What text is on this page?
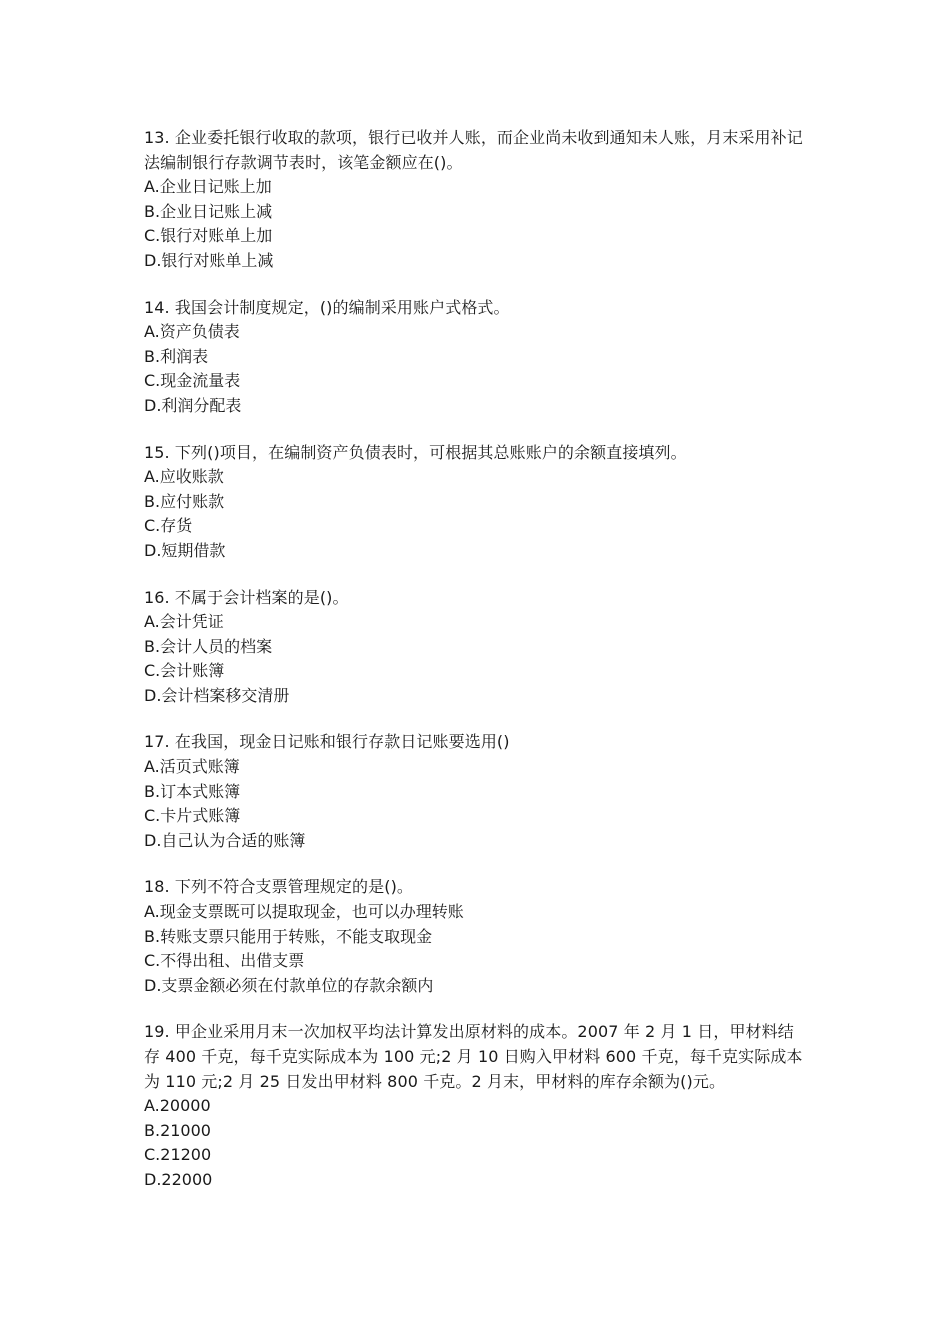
13. 企业委托银行收取的款项，银行已收并人账，而企业尚未收到通知未人账，月末采用补记法编制银行存款调节表时，该笔金额应在()。

A.企业日记账上加

B.企业日记账上减

C.银行对账单上加

D.银行对账单上减

14. 我国会计制度规定，()的编制采用账户式格式。

A.资产负债表

B.利润表

C.现金流量表

D.利润分配表

15. 下列()项目，在编制资产负债表时，可根据其总账账户的余额直接填列。

A.应收账款

B.应付账款

C.存货

D.短期借款

16. 不属于会计档案的是()。

A.会计凭证

B.会计人员的档案

C.会计账簿

D.会计档案移交清册

17. 在我国，现金日记账和银行存款日记账要选用()

A.活页式账簿

B.订本式账簿

C.卡片式账簿

D.自己认为合适的账簿

18. 下列不符合支票管理规定的是()。

A.现金支票既可以提取现金，也可以办理转账

B.转账支票只能用于转账，不能支取现金

C.不得出租、出借支票

D.支票金额必须在付款单位的存款余额内

19. 甲企业采用月末一次加权平均法计算发出原材料的成本。2007 年 2 月 1 日，甲材料结存 400 千克，每千克实际成本为 100 元;2 月 10 日购入甲材料 600 千克，每千克实际成本为 110 元;2 月 25 日发出甲材料 800 千克。2 月末，甲材料的库存余额为()元。

A.20000

B.21000

C.21200

D.22000
